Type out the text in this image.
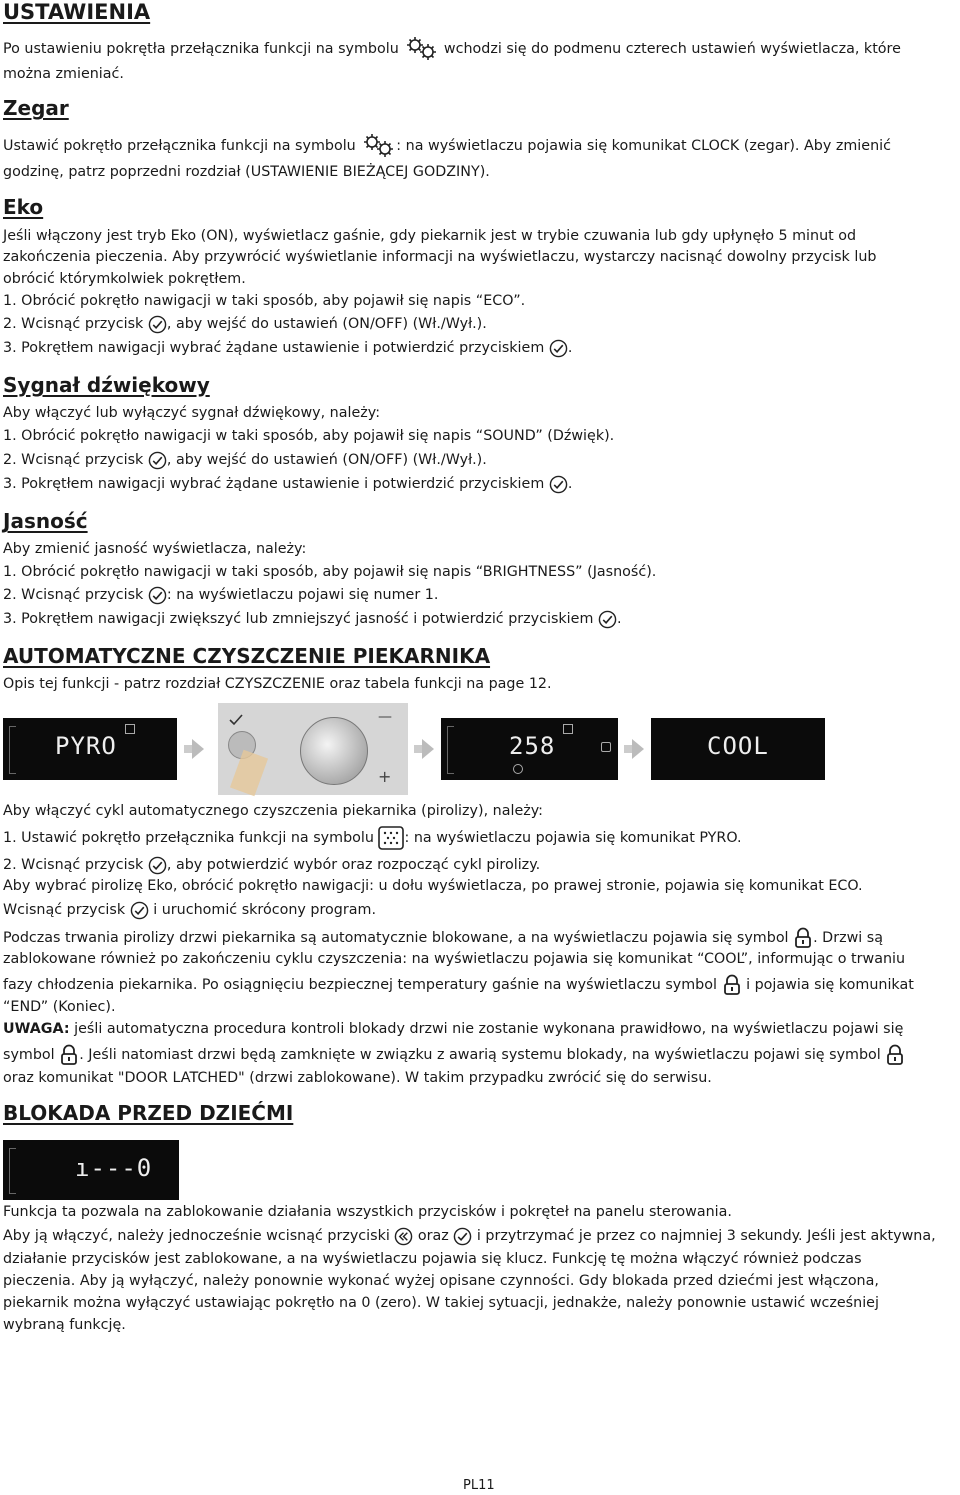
USTAWIENIA
Po ustawieniu pokrętła przełącznika funkcji na symbolu	wchodzi się do podmenu czterech ustawień wyświetlacza, które
można zmieniać.
Zegar
Ustawić pokrętło przełącznika funkcji na symbolu	: na wyświetlaczu pojawia się komunikat CLOCK (zegar). Aby zmienić
godzinę, patrz poprzedni rozdział (USTAWIENIE BIEŻĄCEJ GODZINY).
Eko
Jeśli włączony jest tryb Eko (ON), wyświetlacz gaśnie, gdy piekarnik jest w trybie czuwania lub gdy upłynęło 5 minut od
zakończenia pieczenia. Aby przywrócić wyświetlanie informacji na wyświetlaczu, wystarczy nacisnąć dowolny przycisk lub
obrócić którymkolwiek pokrętłem.
1. Obrócić pokrętło nawigacji w taki sposób, aby pojawił się napis “ECO”.
2. Wcisnąć przycisk , aby wejść do ustawień (ON/OFF) (Wł./Wył.).
3. Pokrętłem nawigacji wybrać żądane ustawienie i potwierdzić przyciskiem .
Sygnał dźwiękowy
Aby włączyć lub wyłączyć sygnał dźwiękowy, należy:
1. Obrócić pokrętło nawigacji w taki sposób, aby pojawił się napis “SOUND” (Dźwięk).
2. Wcisnąć przycisk , aby wejść do ustawień (ON/OFF) (Wł./Wył.).
3. Pokrętłem nawigacji wybrać żądane ustawienie i potwierdzić przyciskiem .
Jasność
Aby zmienić jasność wyświetlacza, należy:
1. Obrócić pokrętło nawigacji w taki sposób, aby pojawił się napis “BRIGHTNESS” (Jasność).
2. Wcisnąć przycisk : na wyświetlaczu pojawi się numer 1.
3. Pokrętłem nawigacji zwiększyć lub zmniejszyć jasność i potwierdzić przyciskiem .
AUTOMATYCZNE CZYSZCZENIE PIEKARNIKA
Opis tej funkcji - patrz rozdział CZYSZCZENIE oraz tabela funkcji na page 12.
PYRO
—
+
258	COOL
Aby włączyć cykl automatycznego czyszczenia piekarnika (pirolizy), należy:
1. Ustawić pokrętło przełącznika funkcji na symbolu : na wyświetlaczu pojawia się komunikat PYRO.
2. Wcisnąć przycisk , aby potwierdzić wybór oraz rozpocząć cykl pirolizy.
Aby wybrać pirolizę Eko, obrócić pokrętło nawigacji: u dołu wyświetlacza, po prawej stronie, pojawia się komunikat ECO.
Wcisnąć przycisk i uruchomić skrócony program.
Podczas trwania pirolizy drzwi piekarnika są automatycznie blokowane, a na wyświetlaczu pojawia się symbol . Drzwi są
zablokowane również po zakończeniu cyklu czyszczenia: na wyświetlaczu pojawia się komunikat “COOL”, informując o trwaniu
fazy chłodzenia piekarnika. Po osiągnięciu bezpiecznej temperatury gaśnie na wyświetlaczu symbol i pojawia się komunikat
“END” (Koniec).
UWAGA: jeśli automatyczna procedura kontroli blokady drzwi nie zostanie wykonana prawidłowo, na wyświetlaczu pojawi się
symbol . Jeśli natomiast drzwi będą zamknięte w związku z awarią systemu blokady, na wyświetlaczu pojawi się symbol
oraz komunikat "DOOR LATCHED" (drzwi zablokowane). W takim przypadku zwrócić się do serwisu.
BLOKADA PRZED DZIEĆMI
ı---0
Funkcja ta pozwala na zablokowanie działania wszystkich przycisków i pokręteł na panelu sterowania.
Aby ją włączyć, należy jednocześnie wcisnąć przyciski oraz i przytrzymać je przez co najmniej 3 sekundy. Jeśli jest aktywna,
działanie przycisków jest zablokowane, a na wyświetlaczu pojawia się klucz. Funkcję tę można włączyć również podczas
pieczenia. Aby ją wyłączyć, należy ponownie wykonać wyżej opisane czynności. Gdy blokada przed dziećmi jest włączona,
piekarnik można wyłączyć ustawiając pokrętło na 0 (zero). W takiej sytuacji, jednakże, należy ponownie ustawić wcześniej
wybraną funkcję.
PL11
